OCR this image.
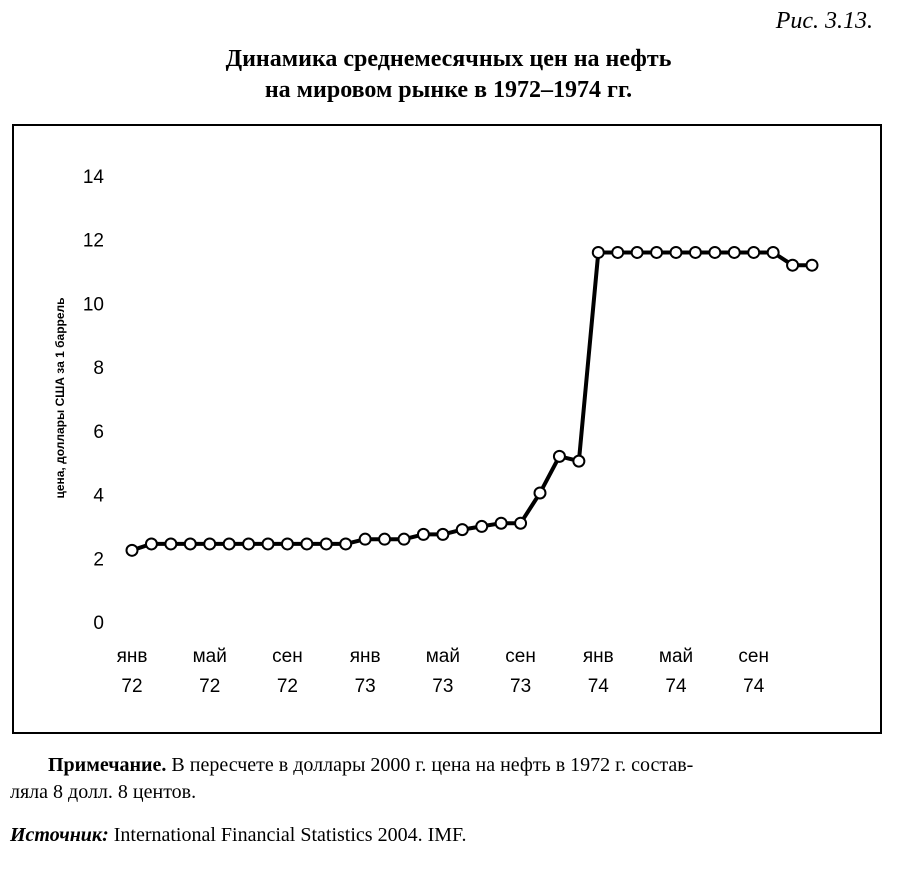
Рис. 3.13.
Динамика среднемесячных цен на нефть
на мировом рынке в 1972–1974 гг.
цена, доллары США за 1 баррель
0
2
4
6
8
10
12
14
янв
72
май
72
сен
72
янв
73
май
73
сен
73
янв
74
май
74
сен
74
Примечание. В пересчете в доллары 2000 г. цена на нефть в 1972 г. состав-
ляла 8 долл. 8 центов.
Источник: International Financial Statistics 2004. IMF.
